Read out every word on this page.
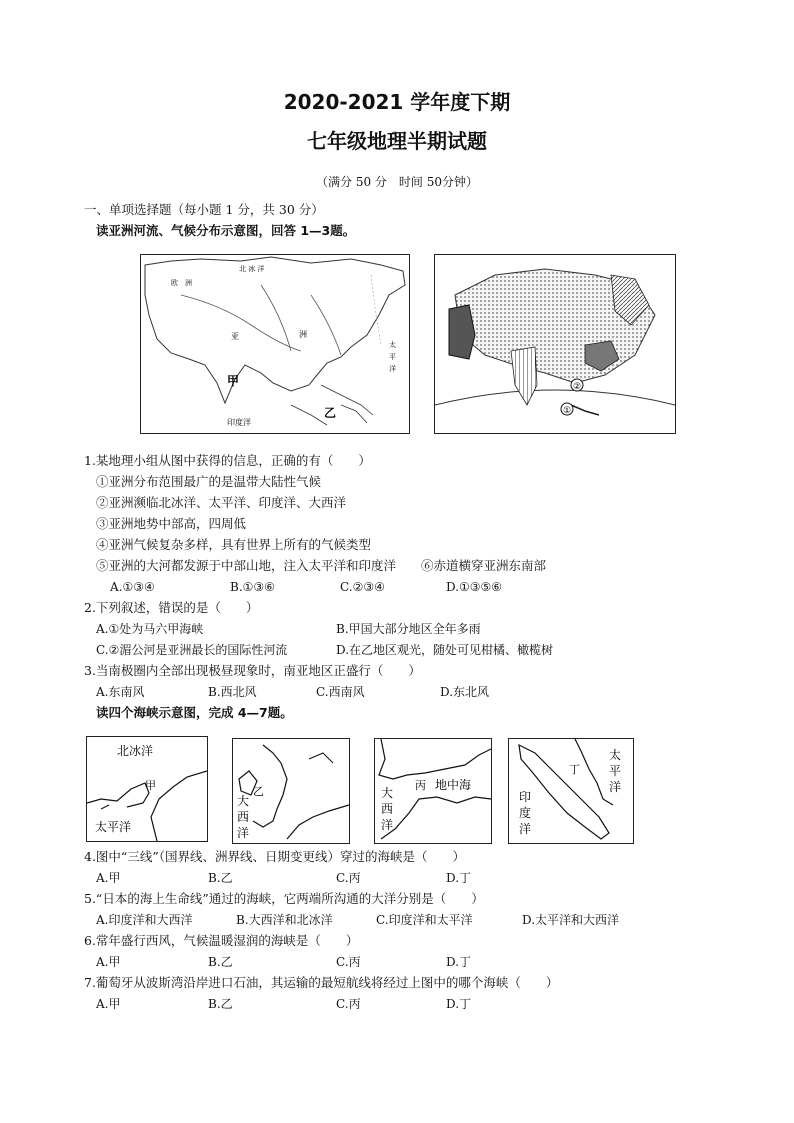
2020-2021 学年度下期
七年级地理半期试题
（满分 50 分　时间 50分钟）
一、单项选择题（每小题 1 分，共 30 分）
读亚洲河流、气候分布示意图，回答 1—3题。
北 冰 洋
欧　洲
亚	洲
太
平
洋
甲
乙
印度洋
②
①
1.某地理小组从图中获得的信息，正确的有（　　）
①亚洲分布范围最广的是温带大陆性气候
②亚洲濒临北冰洋、太平洋、印度洋、大西洋
③亚洲地势中部高，四周低
④亚洲气候复杂多样，具有世界上所有的气候类型
⑤亚洲的大河都发源于中部山地，注入太平洋和印度洋　　⑥赤道横穿亚洲东南部
A.①③④	B.①③⑥	C.②③④	D.①③⑤⑥
2.下列叙述，错误的是（　　）
A.①处为马六甲海峡	B.甲国大部分地区全年多雨
C.②湄公河是亚洲最长的国际性河流	D.在乙地区观光，随处可见柑橘、橄榄树
3.当南极圈内全部出现极昼现象时，南亚地区正盛行（　　）
A.东南风	B.西北风	C.西南风	D.东北风
读四个海峡示意图，完成 4—7题。
北冰洋
太平洋
甲
大
西
洋
乙	大
西
洋
丙 地中海
太
平
洋
印
度
洋
丁
4.图中“三线”（国界线、洲界线、日期变更线）穿过的海峡是（　　）
A.甲	B.乙	C.丙	D.丁
5.“日本的海上生命线”通过的海峡，它两端所沟通的大洋分别是（　　）
A.印度洋和大西洋	B.大西洋和北冰洋	C.印度洋和太平洋	D.太平洋和大西洋
6.常年盛行西风，气候温暖湿润的海峡是（　　）
A.甲	B.乙	C.丙	D.丁
7.葡萄牙从波斯湾沿岸进口石油，其运输的最短航线将经过上图中的哪个海峡（　　）
A.甲	B.乙	C.丙	D.丁
